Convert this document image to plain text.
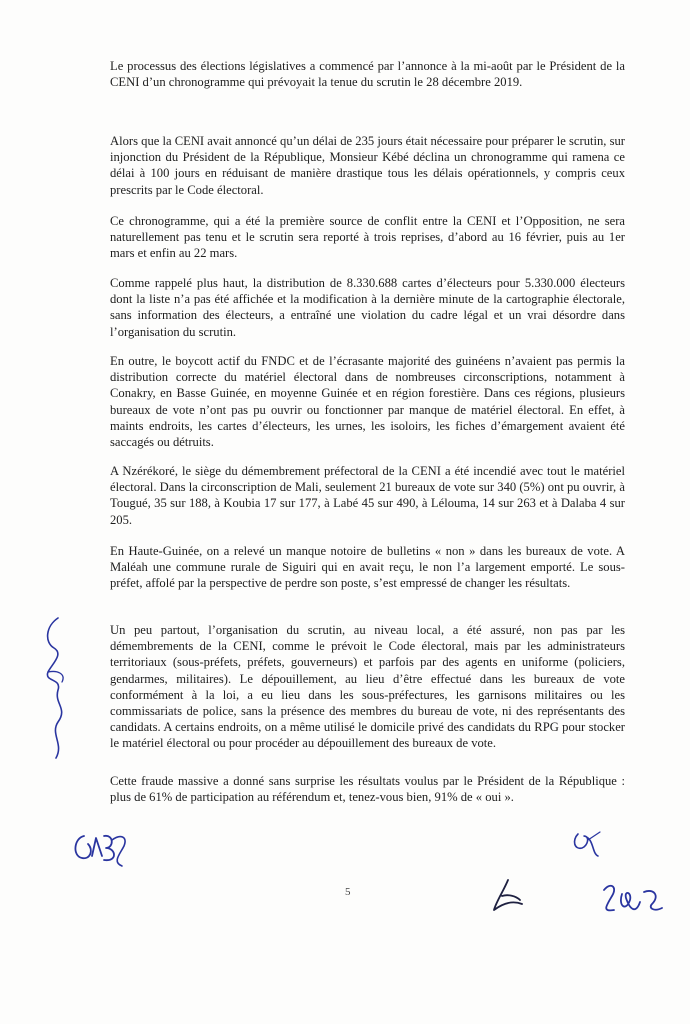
Le processus des élections législatives a commencé par l’annonce à la mi-août par le Président de la CENI d’un chronogramme qui prévoyait la tenue du scrutin le 28 décembre 2019.

Alors que la CENI avait annoncé qu’un délai de 235 jours était nécessaire pour préparer le scrutin, sur injonction du Président de la République, Monsieur Kébé déclina un chronogramme qui ramena ce délai à 100 jours en réduisant de manière drastique tous les délais opérationnels, y compris ceux prescrits par le Code électoral.

Ce chronogramme, qui a été la première source de conflit entre la CENI et l’Opposition, ne sera naturellement pas tenu et le scrutin sera reporté à trois reprises, d’abord au 16 février, puis au 1er mars et enfin au 22 mars.

Comme rappelé plus haut, la distribution de 8.330.688 cartes d’électeurs pour 5.330.000 électeurs dont la liste n’a pas été affichée et la modification à la dernière minute de la cartographie électorale, sans information des électeurs, a entraîné une violation du cadre légal et un vrai désordre dans l’organisation du scrutin.

En outre, le boycott actif du FNDC et de l’écrasante majorité des guinéens n’avaient pas permis la distribution correcte du matériel électoral dans de nombreuses circonscriptions, notamment à Conakry, en Basse Guinée, en moyenne Guinée et en région forestière. Dans ces régions, plusieurs bureaux de vote n’ont pas pu ouvrir ou fonctionner par manque de matériel électoral. En effet, à maints endroits, les cartes d’électeurs, les urnes, les isoloirs, les fiches d’émargement avaient été saccagés ou détruits.

A Nzérékoré, le siège du démembrement préfectoral de la CENI a été incendié avec tout le matériel électoral. Dans la circonscription de Mali, seulement 21 bureaux de vote sur 340 (5%) ont pu ouvrir, à Tougué, 35 sur 188, à Koubia 17 sur 177, à Labé 45 sur 490, à Lélouma, 14 sur 263 et à Dalaba 4 sur 205.

En Haute-Guinée, on a relevé un manque notoire de bulletins « non » dans les bureaux de vote. A Maléah une commune rurale de Siguiri qui en avait reçu, le non l’a largement emporté. Le sous-préfet, affolé par la perspective de perdre son poste, s’est empressé de changer les résultats.

Un peu partout, l’organisation du scrutin, au niveau local, a été assuré, non pas par les démembrements de la CENI, comme le prévoit le Code électoral, mais par les administrateurs territoriaux (sous-préfets, préfets, gouverneurs) et parfois par des agents en uniforme (policiers, gendarmes, militaires). Le dépouillement, au lieu d’être effectué dans les bureaux de vote conformément à la loi, a eu lieu dans les sous-préfectures, les garnisons militaires ou les commissariats de police, sans la présence des membres du bureau de vote, ni des représentants des candidats. A certains endroits, on a même utilisé le domicile privé des candidats du RPG pour stocker le matériel électoral ou pour procéder au dépouillement des bureaux de vote.

Cette fraude massive a donné sans surprise les résultats voulus par le Président de la République : plus de 61% de participation au référendum et, tenez-vous bien, 91% de « oui ».

5
